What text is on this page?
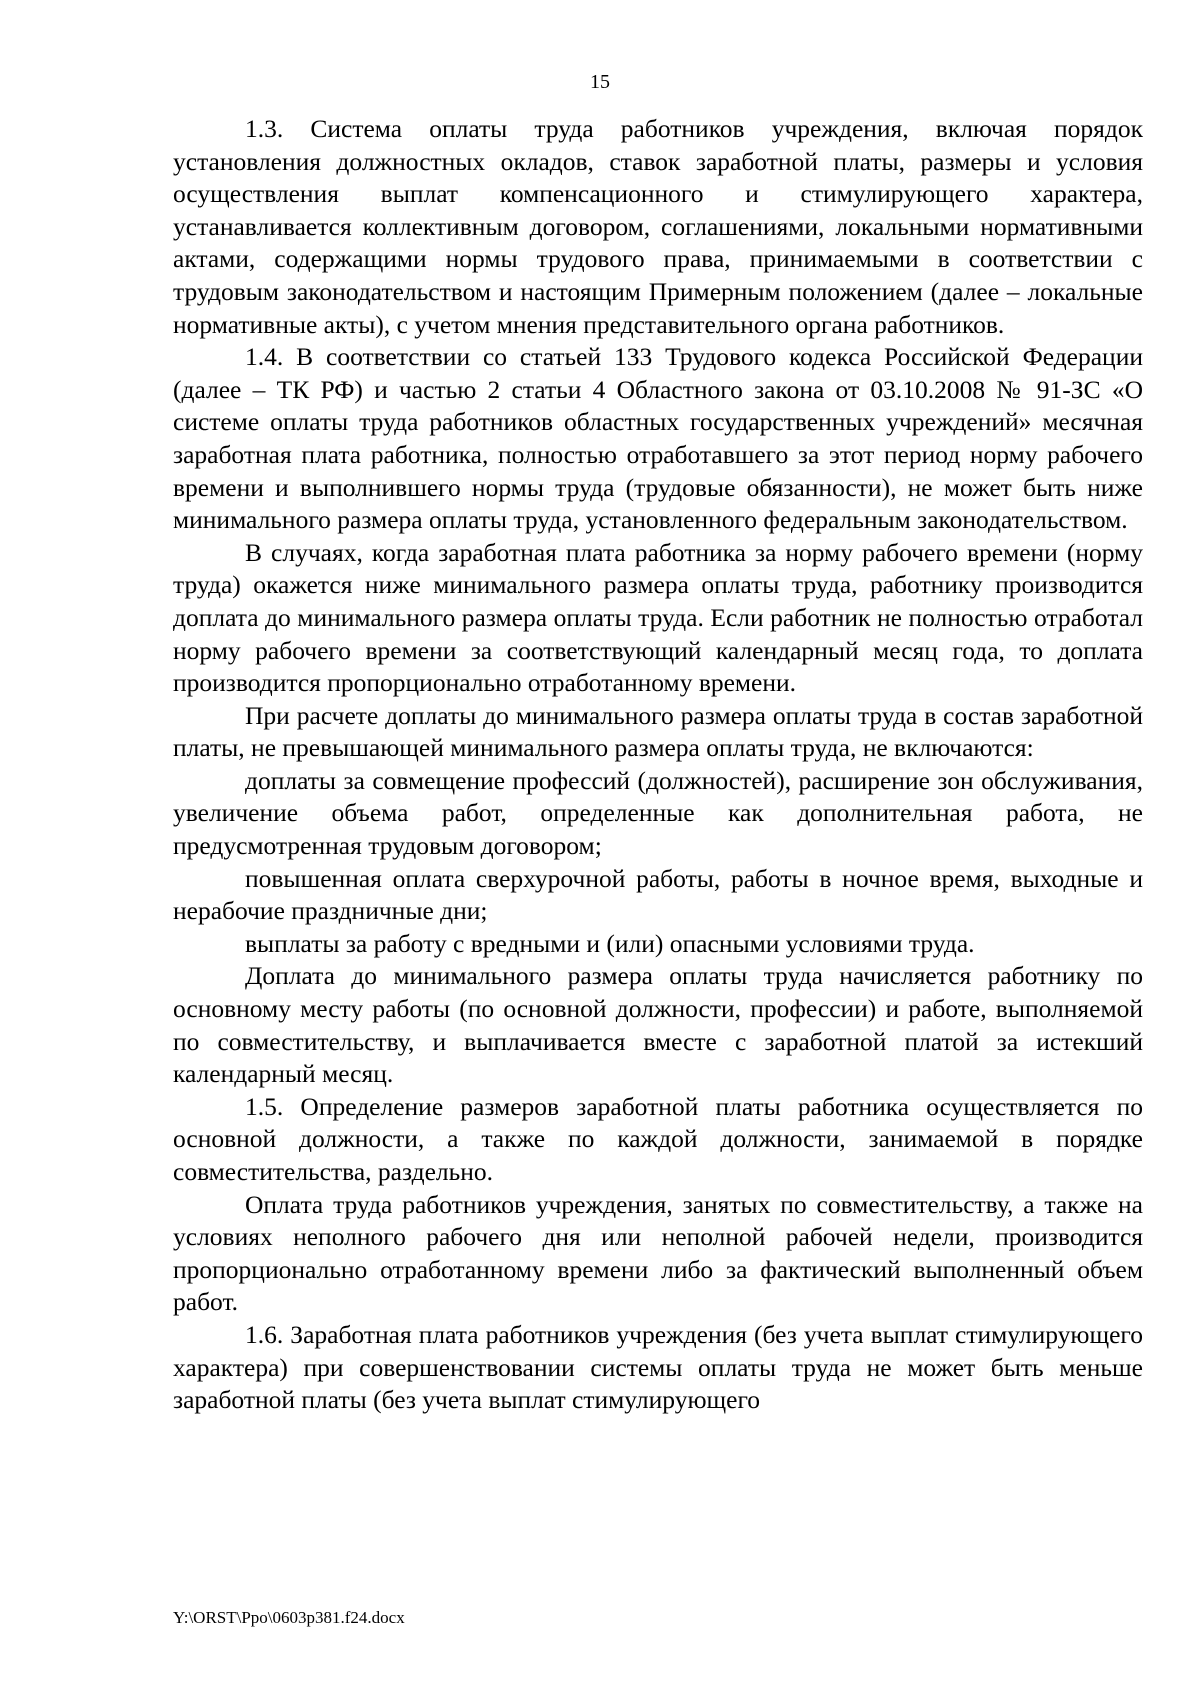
15

1.3. Система оплаты труда работников учреждения, включая порядок установления должностных окладов, ставок заработной платы, размеры и условия осуществления выплат компенсационного и стимулирующего характера, устанавливается коллективным договором, соглашениями, локальными нормативными актами, содержащими нормы трудового права, принимаемыми в соответствии с трудовым законодательством и настоящим Примерным положением (далее – локальные нормативные акты), с учетом мнения представительного органа работников.

1.4. В соответствии со статьей 133 Трудового кодекса Российской Федерации (далее – ТК РФ) и частью 2 статьи 4 Областного закона от 03.10.2008 № 91-ЗС «О системе оплаты труда работников областных государственных учреждений» месячная заработная плата работника, полностью отработавшего за этот период норму рабочего времени и выполнившего нормы труда (трудовые обязанности), не может быть ниже минимального размера оплаты труда, установленного федеральным законодательством.

В случаях, когда заработная плата работника за норму рабочего времени (норму труда) окажется ниже минимального размера оплаты труда, работнику производится доплата до минимального размера оплаты труда. Если работник не полностью отработал норму рабочего времени за соответствующий календарный месяц года, то доплата производится пропорционально отработанному времени.

При расчете доплаты до минимального размера оплаты труда в состав заработной платы, не превышающей минимального размера оплаты труда, не включаются:

доплаты за совмещение профессий (должностей), расширение зон обслуживания, увеличение объема работ, определенные как дополнительная работа, не предусмотренная трудовым договором;

повышенная оплата сверхурочной работы, работы в ночное время, выходные и нерабочие праздничные дни;

выплаты за работу с вредными и (или) опасными условиями труда.

Доплата до минимального размера оплаты труда начисляется работнику по основному месту работы (по основной должности, профессии) и работе, выполняемой по совместительству, и выплачивается вместе с заработной платой за истекший календарный месяц.

1.5. Определение размеров заработной платы работника осуществляется по основной должности, а также по каждой должности, занимаемой в порядке совместительства, раздельно.

Оплата труда работников учреждения, занятых по совместительству, а также на условиях неполного рабочего дня или неполной рабочей недели, производится пропорционально отработанному времени либо за фактический выполненный объем работ.

1.6. Заработная плата работников учреждения (без учета выплат стимулирующего характера) при совершенствовании системы оплаты труда не может быть меньше заработной платы (без учета выплат стимулирующего

Y:\ORST\Ppo\0603p381.f24.docx
